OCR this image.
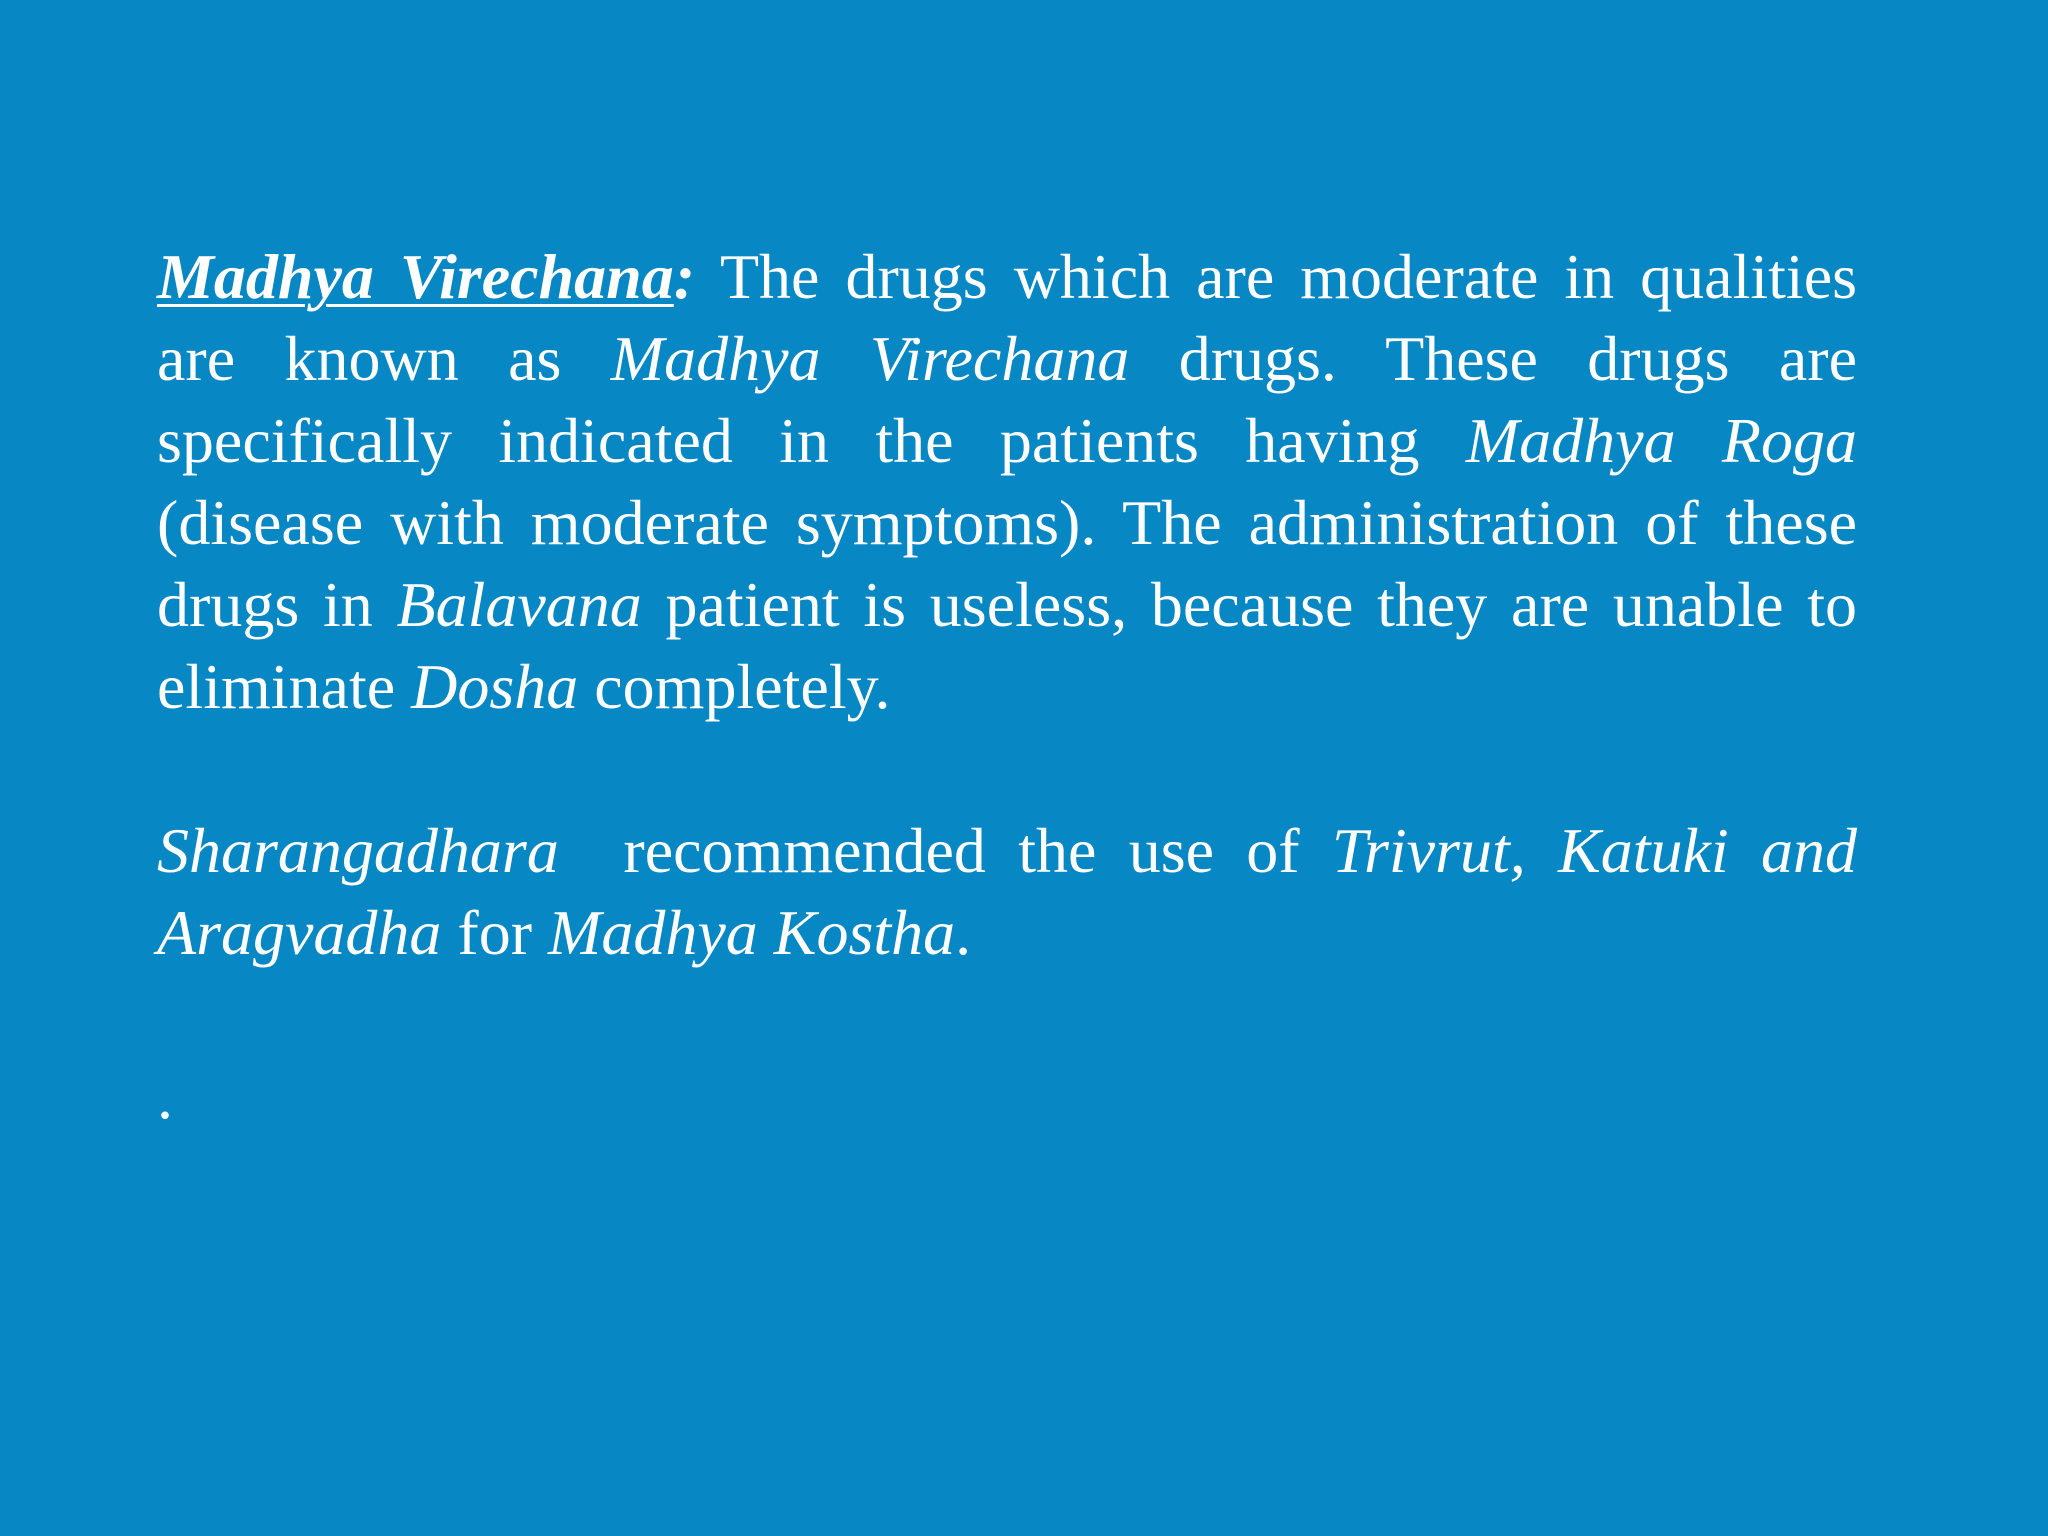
Madhya Virechana: The drugs which are moderate in qualities are known as Madhya Virechana drugs. These drugs are specifically indicated in the patients having Madhya Roga (disease with moderate symptoms). The administration of these drugs in Balavana patient is useless, because they are unable to eliminate Dosha completely.

Sharangadhara  recommended the use of Trivrut, Katuki and Aragvadha for Madhya Kostha.

.
